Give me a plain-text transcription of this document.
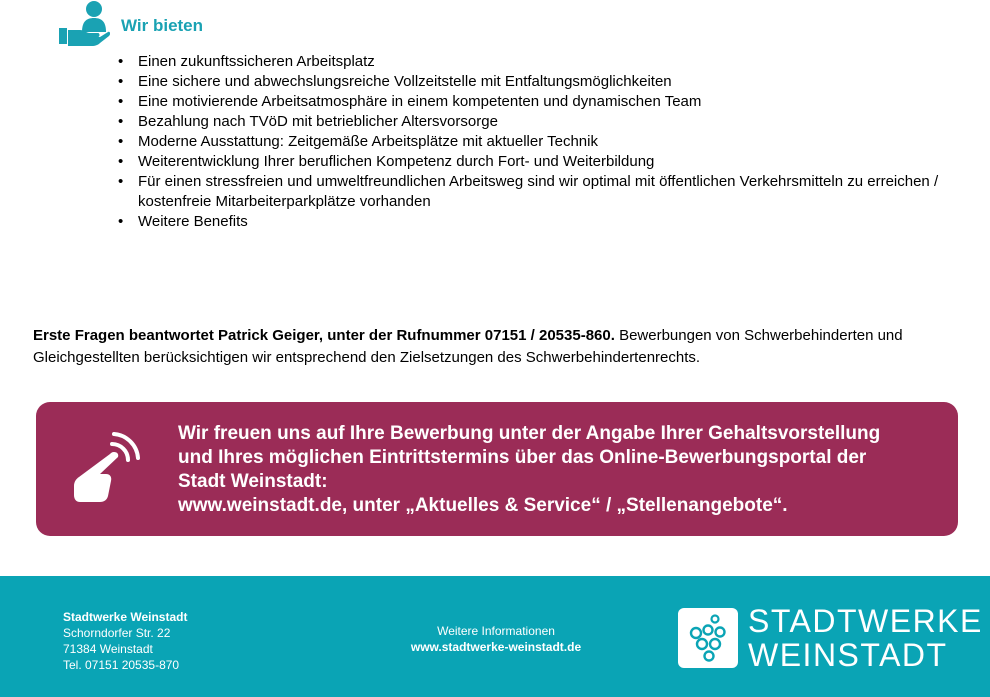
Wir bieten
• Einen zukunftssicheren Arbeitsplatz
• Eine sichere und abwechslungsreiche Vollzeitstelle mit Entfaltungsmöglichkeiten
• Eine motivierende Arbeitsatmosphäre in einem kompetenten und dynamischen Team
• Bezahlung nach TVöD mit betrieblicher Altersvorsorge
• Moderne Ausstattung: Zeitgemäße Arbeitsplätze mit aktueller Technik
• Weiterentwicklung Ihrer beruflichen Kompetenz durch Fort- und Weiterbildung
• Für einen stressfreien und umweltfreundlichen Arbeitsweg sind wir optimal mit öffentlichen Verkehrsmitteln zu erreichen / kostenfreie Mitarbeiterparkplätze vorhanden
• Weitere Benefits
Erste Fragen beantwortet Patrick Geiger, unter der Rufnummer 07151 / 20535-860. Bewerbungen von Schwerbehinderten und Gleichgestellten berücksichtigen wir entsprechend den Zielsetzungen des Schwerbehindertenrechts.
Wir freuen uns auf Ihre Bewerbung unter der Angabe Ihrer Gehaltsvorstellung
und Ihres möglichen Eintrittstermins über das Online-Bewerbungsportal der
Stadt Weinstadt:
www.weinstadt.de, unter „Aktuelles & Service“ / „Stellenangebote“.
Stadtwerke Weinstadt
Schorndorfer Str. 22
71384 Weinstadt
Tel. 07151 20535-870
Weitere Informationen
www.stadtwerke-weinstadt.de
STADTWERKE
WEINSTADT
